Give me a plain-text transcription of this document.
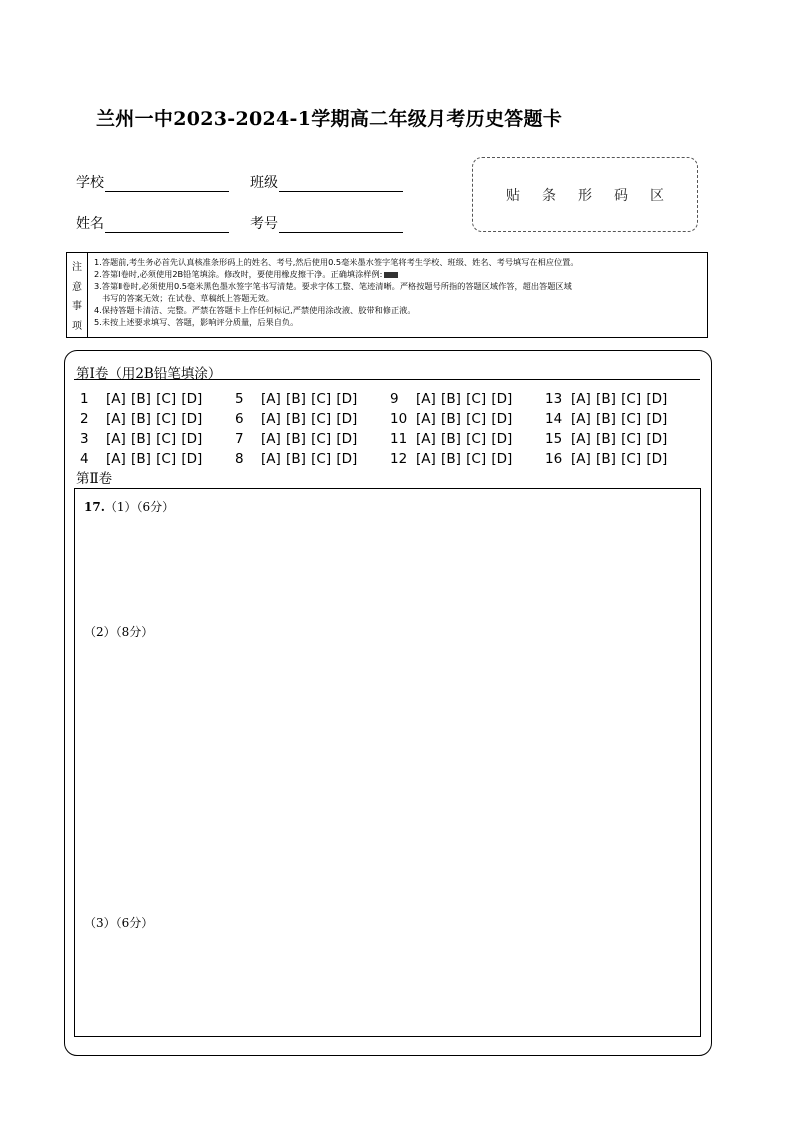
兰州一中2023-2024-1学期高二年级月考历史答题卡
学校	班级
姓名	考号
贴条形码区
注
意
事
项
1.答题前,考生务必首先认真核准条形码上的姓名、考号,然后使用0.5毫米墨水签字笔将考生学校、班级、姓名、考号填写在相应位置。
2.答第Ⅰ卷时,必须使用2B铅笔填涂。修改时，要使用橡皮擦干净。正确填涂样例:
3.答第Ⅱ卷时,必须使用0.5毫米黑色墨水签字笔书写清楚。要求字体工整、笔迹清晰。严格按题号所指的答题区域作答，超出答题区域
书写的答案无效；在试卷、草稿纸上答题无效。
4.保持答题卡清洁、完整。严禁在答题卡上作任何标记,严禁使用涂改液、胶带和修正液。
5.未按上述要求填写、答题，影响评分质量，后果自负。
第Ⅰ卷（用2B铅笔填涂）
1	[A] [B] [C] [D] 5	[A] [B] [C] [D] 9	[A] [B] [C] [D] 13 [A] [B] [C] [D]
2	[A] [B] [C] [D] 6	[A] [B] [C] [D] 10 [A] [B] [C] [D] 14 [A] [B] [C] [D]
3	[A] [B] [C] [D] 7	[A] [B] [C] [D] 11 [A] [B] [C] [D] 15 [A] [B] [C] [D]
4	[A] [B] [C] [D] 8	[A] [B] [C] [D] 12 [A] [B] [C] [D] 16 [A] [B] [C] [D]
第Ⅱ卷
17.（1）（6分）
（2）（8分）
（3）（6分）
